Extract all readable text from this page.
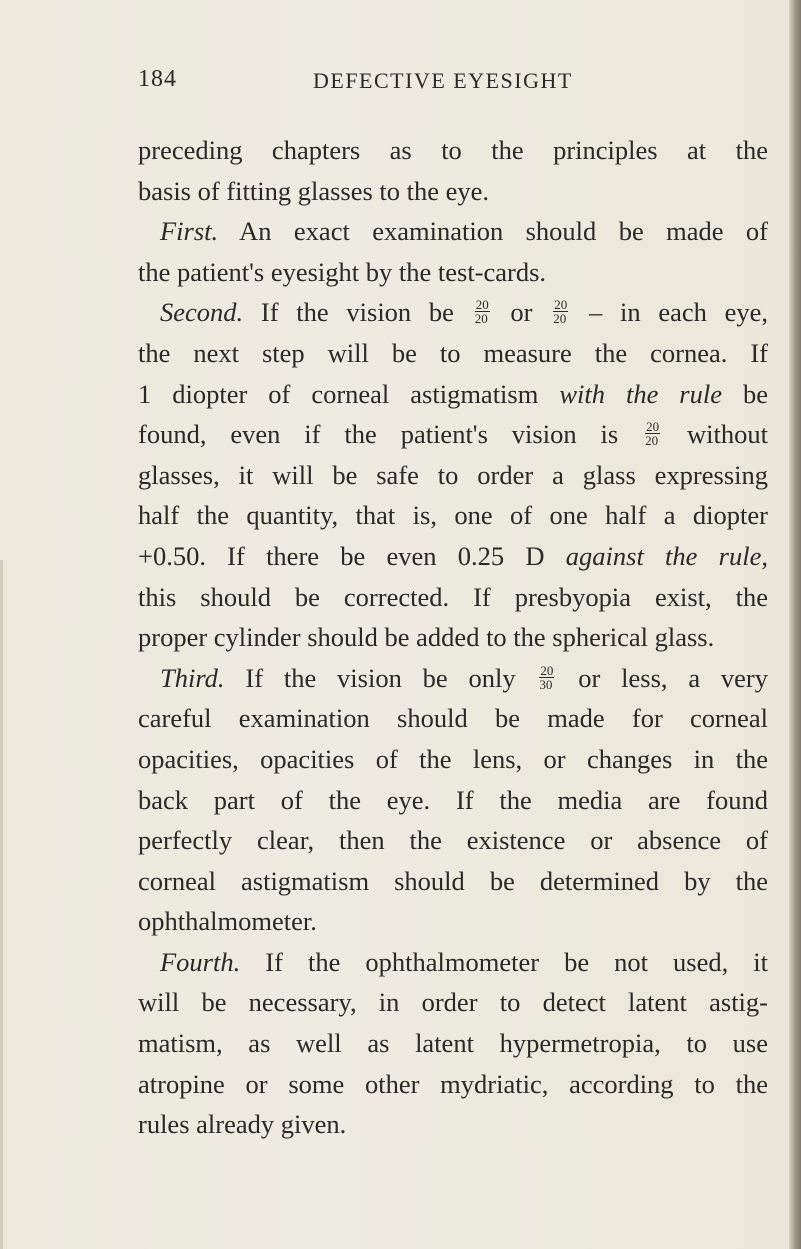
184	DEFECTIVE EYESIGHT
preceding chapters as to the principles at the
basis of fitting glasses to the eye.
First. An exact examination should be made of
the patient's eyesight by the test-cards.
Second. If the vision be $\frac{20}{20}$ or $\frac{20}{20}$ – in each eye,
the next step will be to measure the cornea. If
1 diopter of corneal astigmatism with the rule be
found, even if the patient's vision is $\frac{20}{20}$ without
glasses, it will be safe to order a glass expressing
half the quantity, that is, one of one half a diopter
+0.50. If there be even 0.25 D against the rule,
this should be corrected. If presbyopia exist, the
proper cylinder should be added to the spherical glass.
Third. If the vision be only $\frac{20}{30}$ or less, a very
careful examination should be made for corneal
opacities, opacities of the lens, or changes in the
back part of the eye. If the media are found
perfectly clear, then the existence or absence of
corneal astigmatism should be determined by the
ophthalmometer.
Fourth. If the ophthalmometer be not used, it
will be necessary, in order to detect latent astig-
matism, as well as latent hypermetropia, to use
atropine or some other mydriatic, according to the
rules already given.
